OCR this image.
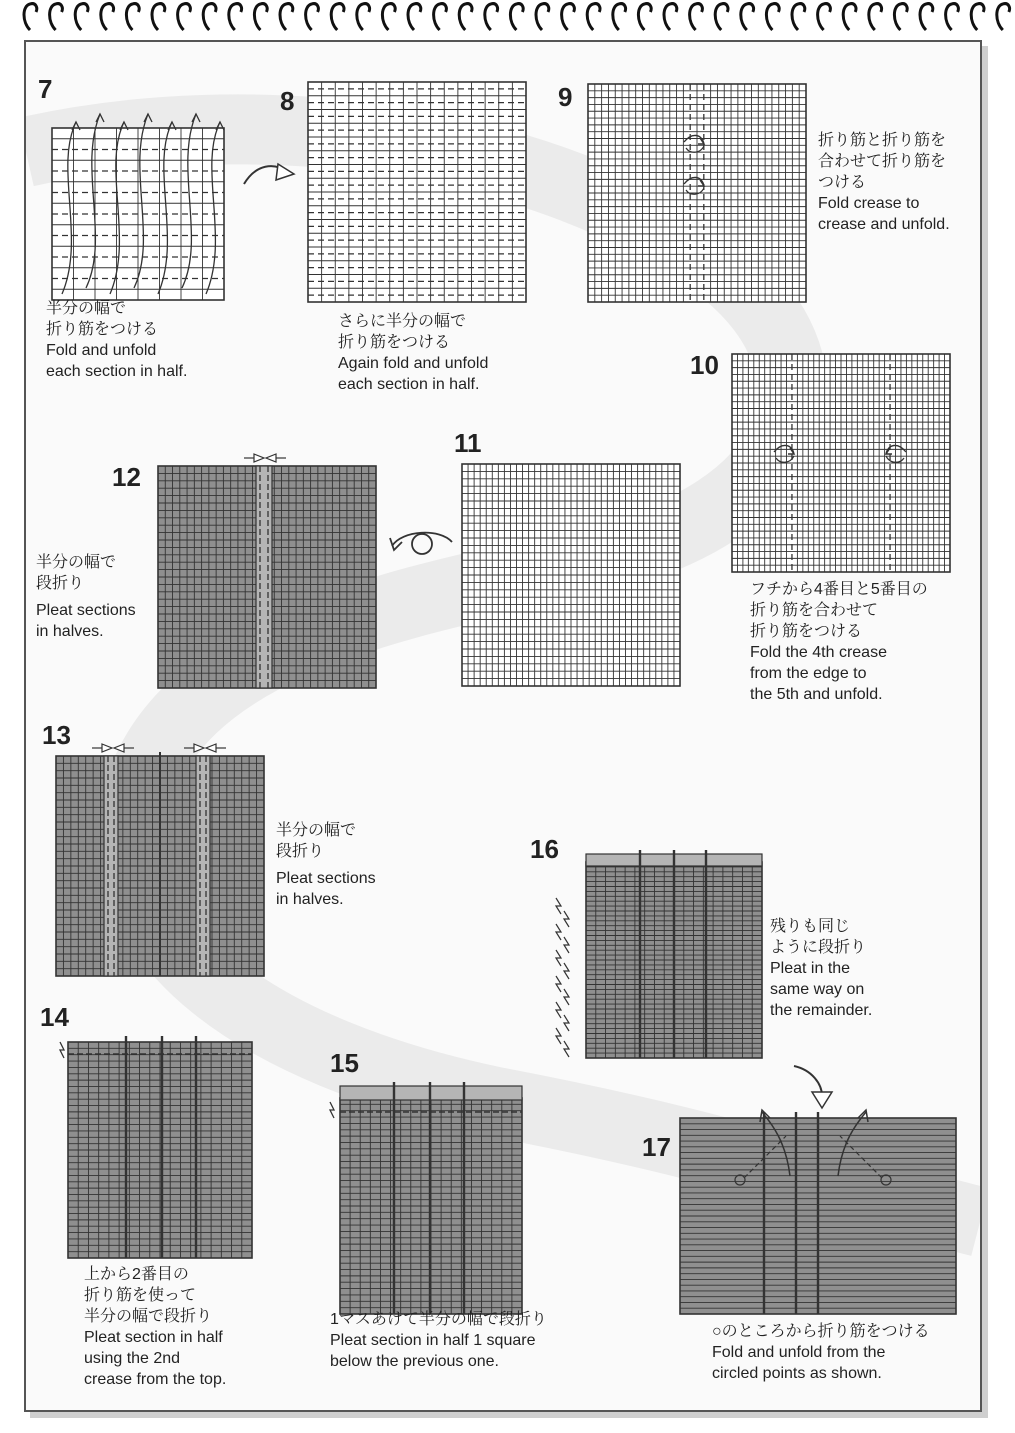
7
半分の幅で
折り筋をつける
Fold and unfold
each section in half.
8
さらに半分の幅で
折り筋をつける
Again fold and unfold
each section in half.
9
折り筋と折り筋を
合わせて折り筋を
つける
Fold crease to
crease and unfold.
10
フチから4番目と5番目の
折り筋を合わせて
折り筋をつける
Fold the 4th crease
from the edge to
the 5th and unfold.
11
12
半分の幅で
段折り
Pleat sections
in halves.
13
半分の幅で
段折り
Pleat sections
in halves.
16
残りも同じ
ように段折り
Pleat in the
same way on
the remainder.
14
上から2番目の
折り筋を使って
半分の幅で段折り
Pleat section in half
using the 2nd
crease from the top.
15
1マスあけて半分の幅で段折り
Pleat section in half 1 square
below the previous one.
17
○のところから折り筋をつける
Fold and unfold from the
circled points as shown.
